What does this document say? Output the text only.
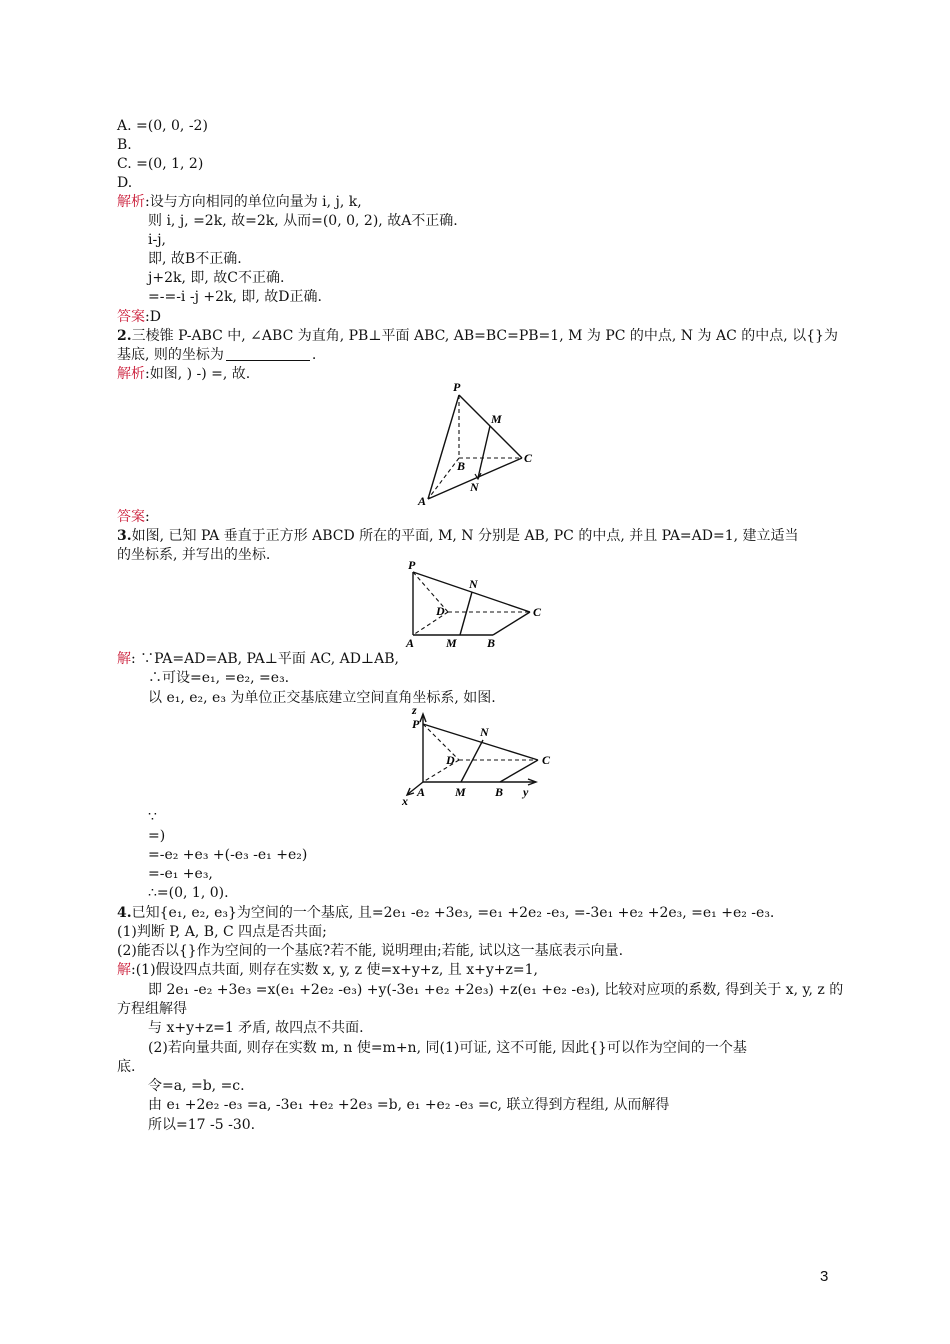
A. =(0, 0, -2)
B.
C. =(0, 1, 2)
D.
解析:设与方向相同的单位向量为 i, j, k,
则 i, j, =2k, 故=2k, 从而=(0, 0, 2), 故A不正确.
i-j,
即, 故B不正确.
j+2k, 即, 故C不正确.
=-=-i -j +2k, 即, 故D正确.
答案:D
2.三棱锥 P-ABC 中, ∠ABC 为直角, PB⊥平面 ABC, AB=BC=PB=1, M 为 PC 的中点, N 为 AC 的中点, 以{}为
基底, 则的坐标为	.
解析:如图, ) -) =, 故.
P
M
B
C
N
A
答案:
3.如图, 已知 PA 垂直于正方形 ABCD 所在的平面, M, N 分别是 AB, PC 的中点, 并且 PA=AD=1, 建立适当
的坐标系, 并写出的坐标.
P
N
D	C
A	M	B
解: ∵PA=AD=AB, PA⊥平面 AC, AD⊥AB,
∴可设=e₁, =e₂, =e₃.
以 e₁, e₂, e₃ 为单位正交基底建立空间直角坐标系, 如图.
z
P
N
D	C
A M B y
x
∵
=)
=-e₂ +e₃ +(-e₃ -e₁ +e₂)
=-e₁ +e₃,
∴=(0, 1, 0).
4.已知{e₁, e₂, e₃}为空间的一个基底, 且=2e₁ -e₂ +3e₃, =e₁ +2e₂ -e₃, =-3e₁ +e₂ +2e₃, =e₁ +e₂ -e₃.
(1)判断 P, A, B, C 四点是否共面;
(2)能否以{}作为空间的一个基底?若不能, 说明理由;若能, 试以这一基底表示向量.
解:(1)假设四点共面, 则存在实数 x, y, z 使=x+y+z, 且 x+y+z=1,
即 2e₁ -e₂ +3e₃ =x(e₁ +2e₂ -e₃) +y(-3e₁ +e₂ +2e₃) +z(e₁ +e₂ -e₃), 比较对应项的系数, 得到关于 x, y, z 的
方程组解得
与 x+y+z=1 矛盾, 故四点不共面.
(2)若向量共面, 则存在实数 m, n 使=m+n, 同(1)可证, 这不可能, 因此{}可以作为空间的一个基
底.
令=a, =b, =c.
由 e₁ +2e₂ -e₃ =a, -3e₁ +e₂ +2e₃ =b, e₁ +e₂ -e₃ =c, 联立得到方程组, 从而解得
所以=17 -5 -30.
3
